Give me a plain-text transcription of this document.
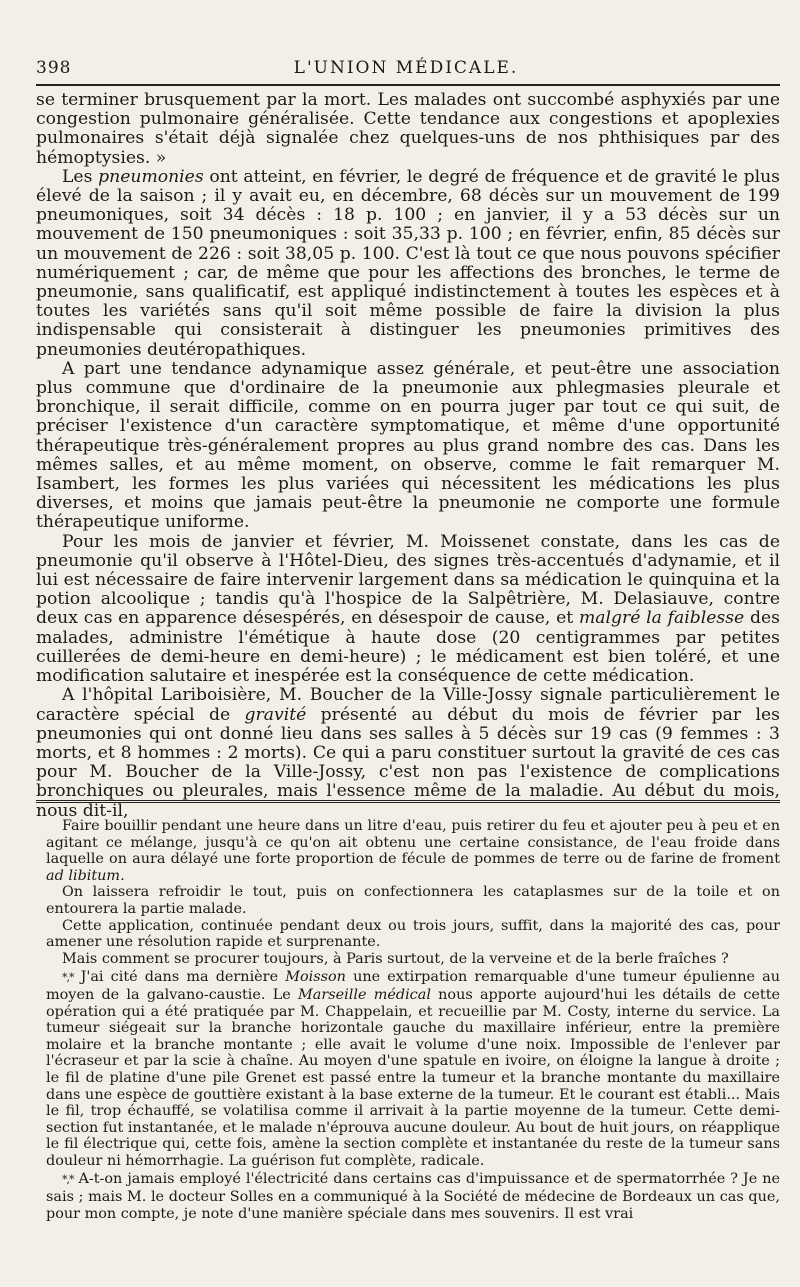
398	L'UNION MÉDICALE.

se terminer brusquement par la mort. Les malades ont succombé asphyxiés par une congestion pulmonaire généralisée. Cette tendance aux congestions et apoplexies pulmonaires s'était déjà signalée chez quelques-uns de nos phthisiques par des hémoptysies. »

Les pneumonies ont atteint, en février, le degré de fréquence et de gravité le plus élevé de la saison ; il y avait eu, en décembre, 68 décès sur un mouvement de 199 pneumoniques, soit 34 décès : 18 p. 100 ; en janvier, il y a 53 décès sur un mouvement de 150 pneumoniques : soit 35,33 p. 100 ; en février, enfin, 85 décès sur un mouvement de 226 : soit 38,05 p. 100. C'est là tout ce que nous pouvons spécifier numériquement ; car, de même que pour les affections des bronches, le terme de pneumonie, sans qualificatif, est appliqué indistinctement à toutes les espèces et à toutes les variétés sans qu'il soit même possible de faire la division la plus indispensable qui consisterait à distinguer les pneumonies primitives des pneumonies deutéropathiques.

A part une tendance adynamique assez générale, et peut-être une association plus commune que d'ordinaire de la pneumonie aux phlegmasies pleurale et bronchique, il serait difficile, comme on en pourra juger par tout ce qui suit, de préciser l'existence d'un caractère symptomatique, et même d'une opportunité thérapeutique très-généralement propres au plus grand nombre des cas. Dans les mêmes salles, et au même moment, on observe, comme le fait remarquer M. Isambert, les formes les plus variées qui nécessitent les médications les plus diverses, et moins que jamais peut-être la pneumonie ne comporte une formule thérapeutique uniforme.

Pour les mois de janvier et février, M. Moissenet constate, dans les cas de pneumonie qu'il observe à l'Hôtel-Dieu, des signes très-accentués d'adynamie, et il lui est nécessaire de faire intervenir largement dans sa médication le quinquina et la potion alcoolique ; tandis qu'à l'hospice de la Salpêtrière, M. Delasiauve, contre deux cas en apparence désespérés, en désespoir de cause, et malgré la faiblesse des malades, administre l'émétique à haute dose (20 centigrammes par petites cuillerées de demi-heure en demi-heure) ; le médicament est bien toléré, et une modification salutaire et inespérée est la conséquence de cette médication.

A l'hôpital Lariboisière, M. Boucher de la Ville-Jossy signale particulièrement le caractère spécial de gravité présenté au début du mois de février par les pneumonies qui ont donné lieu dans ses salles à 5 décès sur 19 cas (9 femmes : 3 morts, et 8 hommes : 2 morts). Ce qui a paru constituer surtout la gravité de ces cas pour M. Boucher de la Ville-Jossy, c'est non pas l'existence de complications bronchiques ou pleurales, mais l'essence même de la maladie. Au début du mois, nous dit-il,

Faire bouillir pendant une heure dans un litre d'eau, puis retirer du feu et ajouter peu à peu et en agitant ce mélange, jusqu'à ce qu'on ait obtenu une certaine consistance, de l'eau froide dans laquelle on aura délayé une forte proportion de fécule de pommes de terre ou de farine de froment ad libitum.

On laissera refroidir le tout, puis on confectionnera les cataplasmes sur de la toile et on entourera la partie malade.

Cette application, continuée pendant deux ou trois jours, suffit, dans la majorité des cas, pour amener une résolution rapide et surprenante.

Mais comment se procurer toujours, à Paris surtout, de la verveine et de la berle fraîches ?

*,* J'ai cité dans ma dernière Moisson une extirpation remarquable d'une tumeur épulienne au moyen de la galvano-caustie. Le Marseille médical nous apporte aujourd'hui les détails de cette opération qui a été pratiquée par M. Chappelain, et recueillie par M. Costy, interne du service. La tumeur siégeait sur la branche horizontale gauche du maxillaire inférieur, entre la première molaire et la branche montante ; elle avait le volume d'une noix. Impossible de l'enlever par l'écraseur et par la scie à chaîne. Au moyen d'une spatule en ivoire, on éloigne la langue à droite ; le fil de platine d'une pile Grenet est passé entre la tumeur et la branche montante du maxillaire dans une espèce de gouttière existant à la base externe de la tumeur. Et le courant est établi... Mais le fil, trop échauffé, se volatilisa comme il arrivait à la partie moyenne de la tumeur. Cette demi-section fut instantanée, et le malade n'éprouva aucune douleur. Au bout de huit jours, on réapplique le fil électrique qui, cette fois, amène la section complète et instantanée du reste de la tumeur sans douleur ni hémorrhagie. La guérison fut complète, radicale.

*,* A-t-on jamais employé l'électricité dans certains cas d'impuissance et de spermatorrhée ? Je ne sais ; mais M. le docteur Solles en a communiqué à la Société de médecine de Bordeaux un cas que, pour mon compte, je note d'une manière spéciale dans mes souvenirs. Il est vrai
